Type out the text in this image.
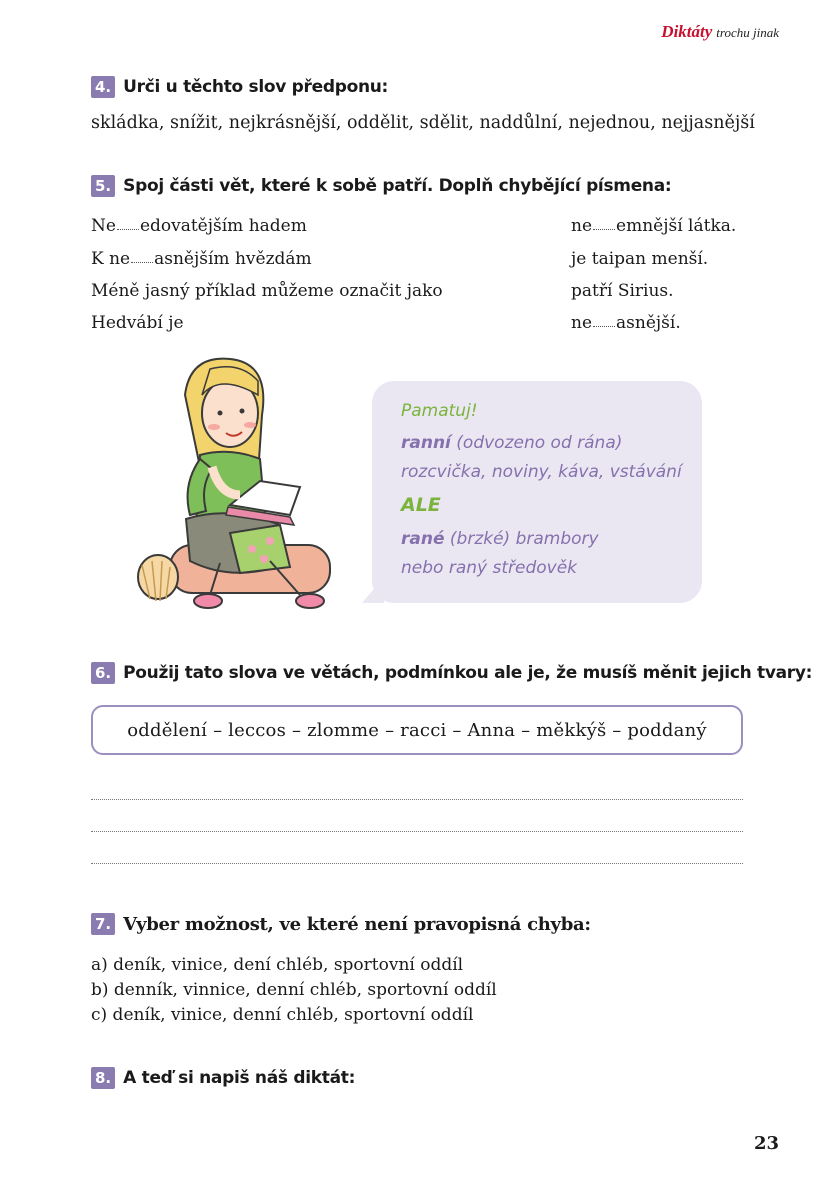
Diktáty trochu jinak
4. Urči u těchto slov předponu:
skládka, snížit, nejkrásnější, oddělit, sdělit, naddůlní, nejednou, nejjasnější
5. Spoj části vět, které k sobě patří. Doplň chybějící písmena:
Ne edovatějším hadem
K ne asnějším hvězdám
Méně jasný příklad můžeme označit jako
Hedvábí je
ne emnější látka.
je taipan menší.
patří Sirius.
ne asnější.
Pamatuj!
ranní (odvozeno od rána)
rozcvička, noviny, káva, vstávání
ALE
rané (brzké) brambory
nebo raný středověk
6. Použij tato slova ve větách, podmínkou ale je, že musíš měnit jejich tvary:
oddělení – leccos – zlomme – racci – Anna – měkkýš – poddaný
7. Vyber možnost, ve které není pravopisná chyba:
a) deník, vinice, dení chléb, sportovní oddíl
b) denník, vinnice, denní chléb, sportovní oddíl
c) deník, vinice, denní chléb, sportovní oddíl
8. A teď si napiš náš diktát:
23
